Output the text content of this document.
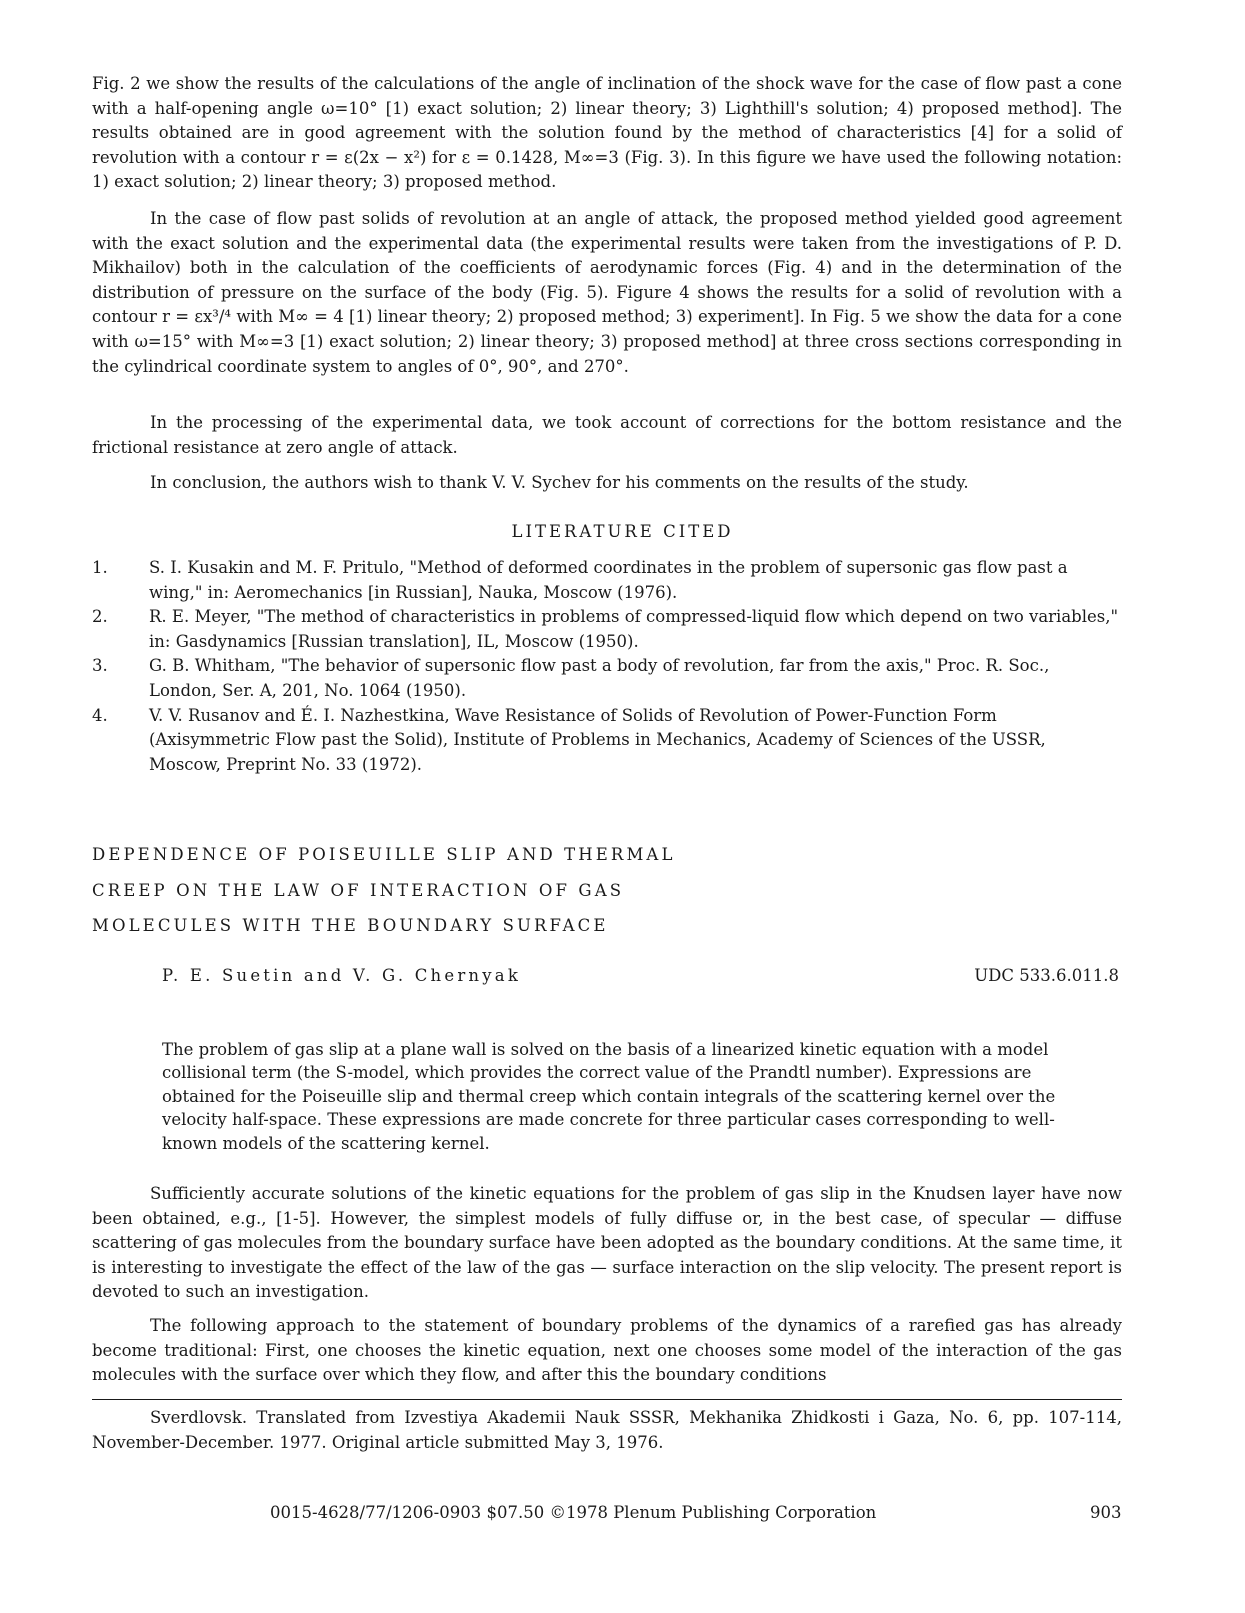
Fig. 2 we show the results of the calculations of the angle of inclination of the shock wave for the case of flow past a cone with a half-opening angle ω=10° [1) exact solution; 2) linear theory; 3) Lighthill's solution; 4) proposed method]. The results obtained are in good agreement with the solution found by the method of characteristics [4] for a solid of revolution with a contour r = ε(2x − x²) for ε = 0.1428, M∞=3 (Fig. 3). In this figure we have used the following notation: 1) exact solution; 2) linear theory; 3) proposed method.

In the case of flow past solids of revolution at an angle of attack, the proposed method yielded good agreement with the exact solution and the experimental data (the experimental results were taken from the investigations of P. D. Mikhailov) both in the calculation of the coefficients of aerodynamic forces (Fig. 4) and in the determination of the distribution of pressure on the surface of the body (Fig. 5). Figure 4 shows the results for a solid of revolution with a contour r = εx³/⁴ with M∞ = 4 [1) linear theory; 2) proposed method; 3) experiment]. In Fig. 5 we show the data for a cone with ω=15° with M∞=3 [1) exact solution; 2) linear theory; 3) proposed method] at three cross sections corresponding in the cylindrical coordinate system to angles of 0°, 90°, and 270°.

In the processing of the experimental data, we took account of corrections for the bottom resistance and the frictional resistance at zero angle of attack.

In conclusion, the authors wish to thank V. V. Sychev for his comments on the results of the study.

LITERATURE CITED

1.	S. I. Kusakin and M. F. Pritulo, "Method of deformed coordinates in the problem of supersonic gas flow past a wing," in: Aeromechanics [in Russian], Nauka, Moscow (1976).
2.	R. E. Meyer, "The method of characteristics in problems of compressed-liquid flow which depend on two variables," in: Gasdynamics [Russian translation], IL, Moscow (1950).
3.	G. B. Whitham, "The behavior of supersonic flow past a body of revolution, far from the axis," Proc. R. Soc., London, Ser. A, 201, No. 1064 (1950).
4.	V. V. Rusanov and É. I. Nazhestkina, Wave Resistance of Solids of Revolution of Power-Function Form (Axisymmetric Flow past the Solid), Institute of Problems in Mechanics, Academy of Sciences of the USSR, Moscow, Preprint No. 33 (1972).

DEPENDENCE OF POISEUILLE SLIP AND THERMAL

CREEP ON THE LAW OF INTERACTION OF GAS

MOLECULES WITH THE BOUNDARY SURFACE

P. E. Suetin and V. G. Chernyak	UDC 533.6.011.8

The problem of gas slip at a plane wall is solved on the basis of a linearized kinetic equation with a model collisional term (the S-model, which provides the correct value of the Prandtl number). Expressions are obtained for the Poiseuille slip and thermal creep which contain integrals of the scattering kernel over the velocity half-space. These expressions are made concrete for three particular cases corresponding to well-known models of the scattering kernel.

Sufficiently accurate solutions of the kinetic equations for the problem of gas slip in the Knudsen layer have now been obtained, e.g., [1-5]. However, the simplest models of fully diffuse or, in the best case, of specular — diffuse scattering of gas molecules from the boundary surface have been adopted as the boundary conditions. At the same time, it is interesting to investigate the effect of the law of the gas — surface interaction on the slip velocity. The present report is devoted to such an investigation.

The following approach to the statement of boundary problems of the dynamics of a rarefied gas has already become traditional: First, one chooses the kinetic equation, next one chooses some model of the interaction of the gas molecules with the surface over which they flow, and after this the boundary conditions

Sverdlovsk. Translated from Izvestiya Akademii Nauk SSSR, Mekhanika Zhidkosti i Gaza, No. 6, pp. 107-114, November-December. 1977. Original article submitted May 3, 1976.

0015-4628/77/1206-0903 $07.50 ©1978 Plenum Publishing Corporation	903
